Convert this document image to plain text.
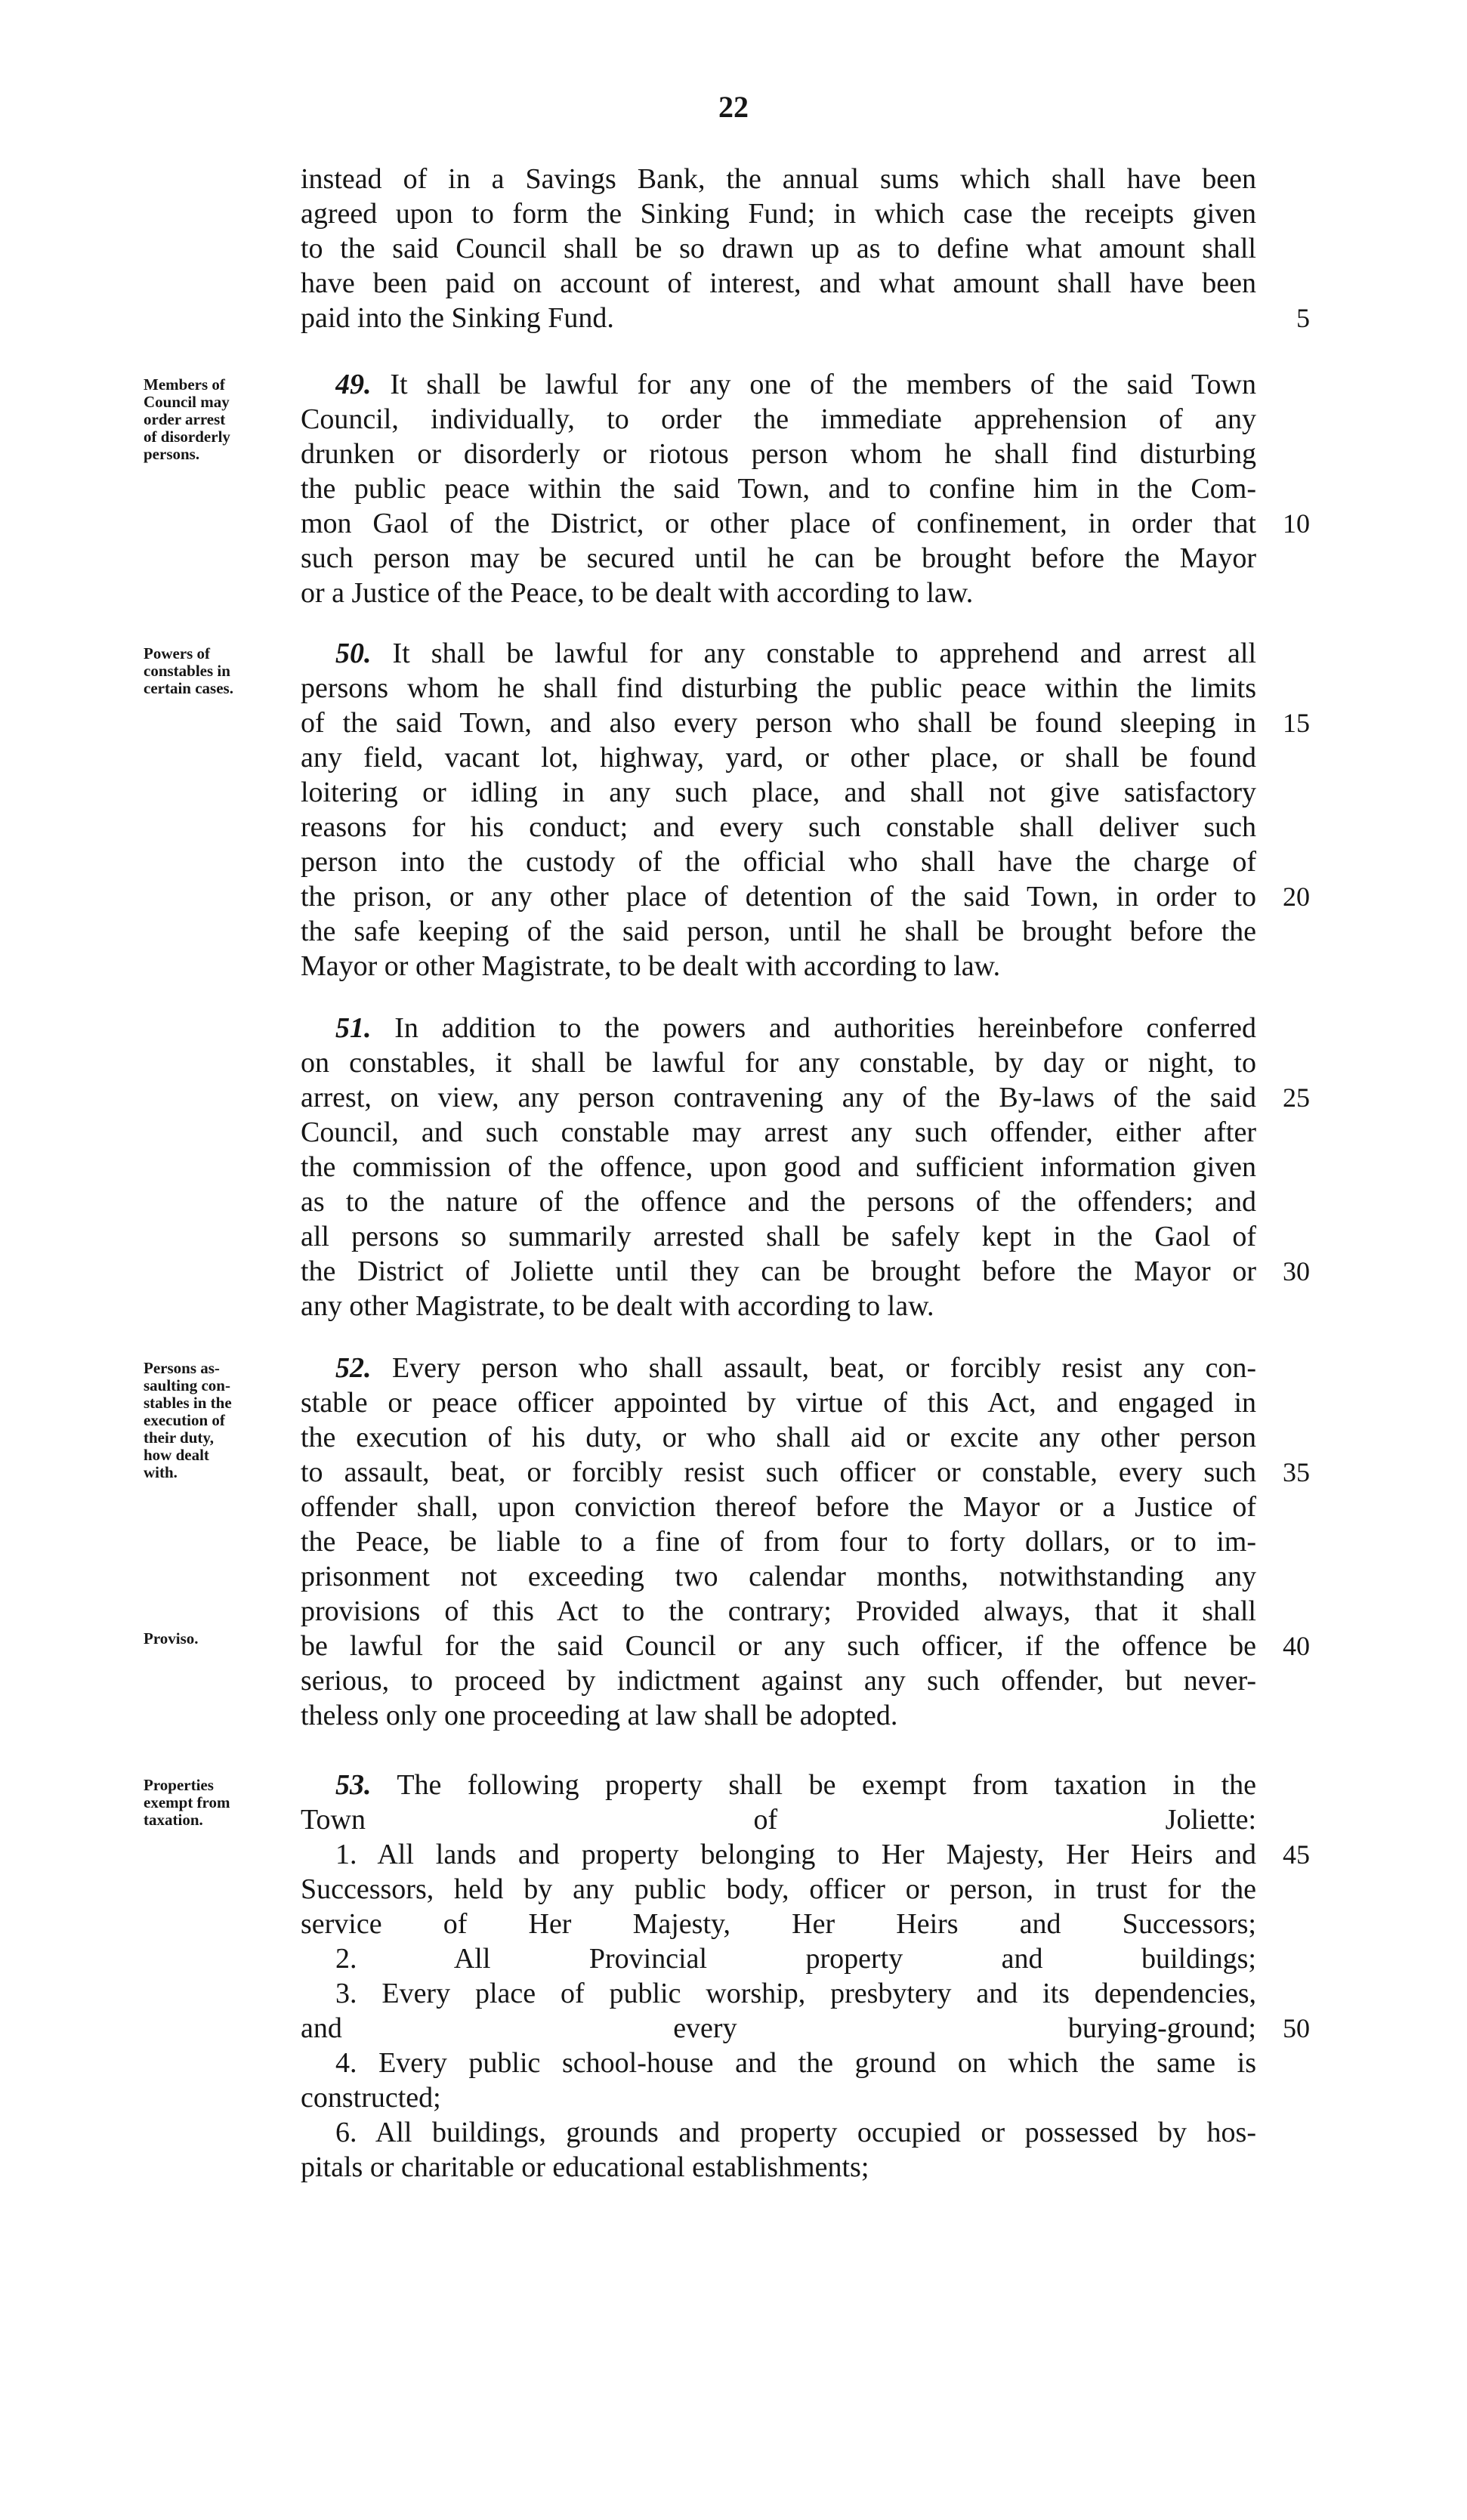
22
instead of in a Savings Bank, the annual sums which shall have been
agreed upon to form the Sinking Fund; in which case the receipts given
to the said Council shall be so drawn up as to define what amount shall
have been paid on account of interest, and what amount shall have been
paid into the Sinking Fund.	5
Members of
Council may
order arrest
of disorderly
persons.
49. It shall be lawful for any one of the members of the said Town
Council, individually, to order the immediate apprehension of any
drunken or disorderly or riotous person whom he shall find disturbing
the public peace within the said Town, and to confine him in the Com-
mon Gaol of the District, or other place of confinement, in order that 10
such person may be secured until he can be brought before the Mayor
or a Justice of the Peace, to be dealt with according to law.
Powers of
constables in
certain cases.
50. It shall be lawful for any constable to apprehend and arrest all
persons whom he shall find disturbing the public peace within the limits
of the said Town, and also every person who shall be found sleeping in 15
any field, vacant lot, highway, yard, or other place, or shall be found
loitering or idling in any such place, and shall not give satisfactory
reasons for his conduct; and every such constable shall deliver such
person into the custody of the official who shall have the charge of
the prison, or any other place of detention of the said Town, in order to 20
the safe keeping of the said person, until he shall be brought before the
Mayor or other Magistrate, to be dealt with according to law.
51. In addition to the powers and authorities hereinbefore conferred
on constables, it shall be lawful for any constable, by day or night, to
arrest, on view, any person contravening any of the By-laws of the said 25
Council, and such constable may arrest any such offender, either after
the commission of the offence, upon good and sufficient information given
as to the nature of the offence and the persons of the offenders; and
all persons so summarily arrested shall be safely kept in the Gaol of
the District of Joliette until they can be brought before the Mayor or 30
any other Magistrate, to be dealt with according to law.
Persons as-
saulting con-
stables in the
execution of
their duty,
how dealt
with.
Proviso.
52. Every person who shall assault, beat, or forcibly resist any con-
stable or peace officer appointed by virtue of this Act, and engaged in
the execution of his duty, or who shall aid or excite any other person
to assault, beat, or forcibly resist such officer or constable, every such 35
offender shall, upon conviction thereof before the Mayor or a Justice of
the Peace, be liable to a fine of from four to forty dollars, or to im-
prisonment not exceeding two calendar months, notwithstanding any
provisions of this Act to the contrary; Provided always, that it shall
be lawful for the said Council or any such officer, if the offence be 40
serious, to proceed by indictment against any such offender, but never-
theless only one proceeding at law shall be adopted.
Properties
exempt from
taxation.
53. The following property shall be exempt from taxation in the
Town of Joliette:
1. All lands and property belonging to Her Majesty, Her Heirs and 45
Successors, held by any public body, officer or person, in trust for the
service of Her Majesty, Her Heirs and Successors;
2. All Provincial property and buildings;
3. Every place of public worship, presbytery and its dependencies,
and every burying-ground; 50
4. Every public school-house and the ground on which the same is
constructed;
6. All buildings, grounds and property occupied or possessed by hos-
pitals or charitable or educational establishments;
